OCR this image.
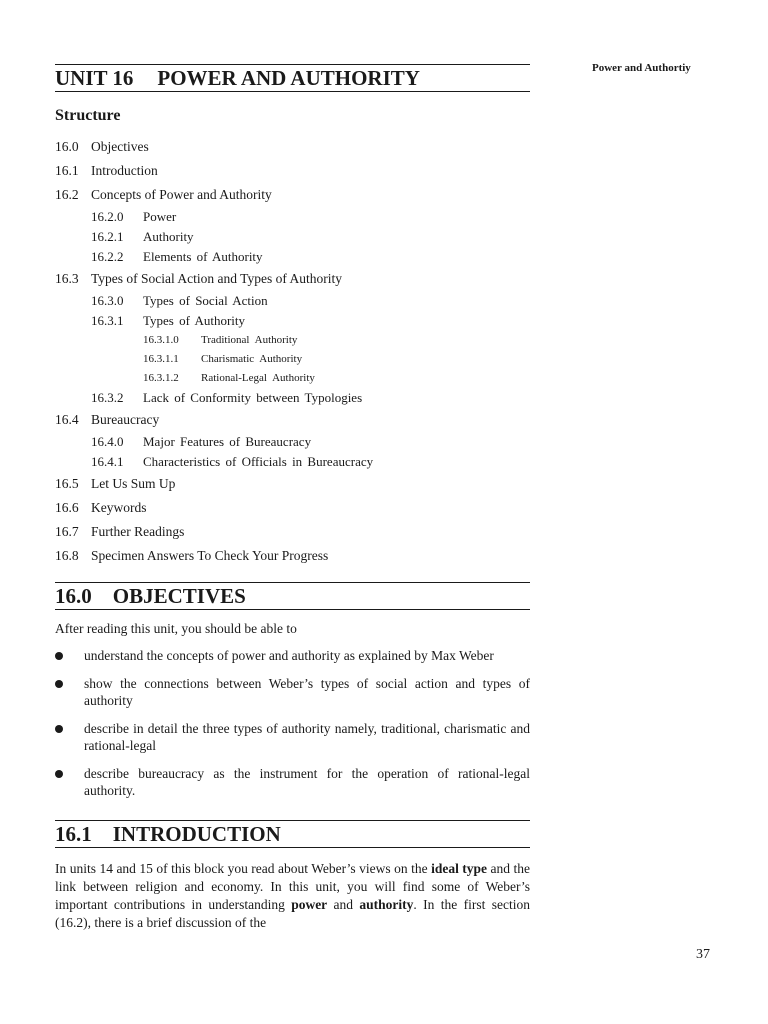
Power and Authortiy
UNIT 16 POWER AND AUTHORITY
Structure
16.0 Objectives
16.1 Introduction
16.2 Concepts of Power and Authority
16.2.0 Power
16.2.1 Authority
16.2.2 Elements of Authority
16.3 Types of Social Action and Types of Authority
16.3.0 Types of Social Action
16.3.1 Types of Authority
16.3.1.0 Traditional Authority
16.3.1.1 Charismatic Authority
16.3.1.2 Rational-Legal Authority
16.3.2 Lack of Conformity between Typologies
16.4 Bureaucracy
16.4.0 Major Features of Bureaucracy
16.4.1 Characteristics of Officials in Bureaucracy
16.5 Let Us Sum Up
16.6 Keywords
16.7 Further Readings
16.8 Specimen Answers To Check Your Progress
16.0    OBJECTIVES
After reading this unit, you should be able to
understand the concepts of power and authority as explained by Max Weber
show the connections between Weber’s types of social action and types of authority
describe in detail the three types of authority namely, traditional, charismatic and rational-legal
describe bureaucracy as the instrument for the operation of rational-legal authority.
16.1    INTRODUCTION

In units 14 and 15 of this block you read about Weber’s views on the ideal type and the link between religion and economy. In this unit, you will find some of Weber’s important contributions in understanding power and authority. In the first section (16.2), there is a brief discussion of the

37
